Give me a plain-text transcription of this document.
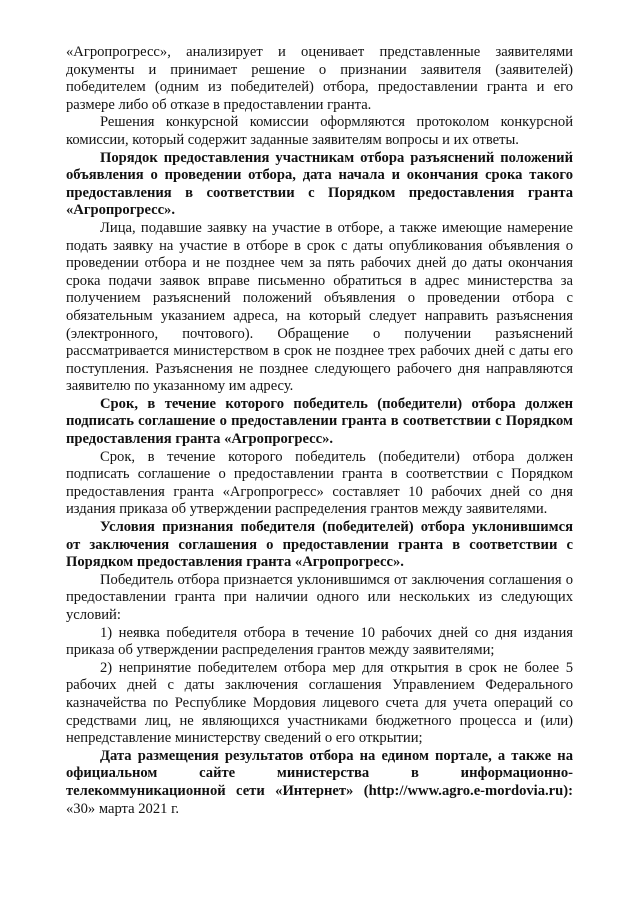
«Агропрогресс», анализирует и оценивает представленные заявителями документы и принимает решение о признании заявителя (заявителей) победителем (одним из победителей) отбора, предоставлении гранта и его размере либо об отказе в предоставлении гранта.

Решения конкурсной комиссии оформляются протоколом конкурсной комиссии, который содержит заданные заявителям вопросы и их ответы.

Порядок предоставления участникам отбора разъяснений положений объявления о проведении отбора, дата начала и окончания срока такого предоставления в соответствии с Порядком предоставления гранта «Агропрогресс».

Лица, подавшие заявку на участие в отборе, а также имеющие намерение подать заявку на участие в отборе в срок с даты опубликования объявления о проведении отбора и не позднее чем за пять рабочих дней до даты окончания срока подачи заявок вправе письменно обратиться в адрес министерства за получением разъяснений положений объявления о проведении отбора с обязательным указанием адреса, на который следует направить разъяснения (электронного, почтового). Обращение о получении разъяснений рассматривается министерством в срок не позднее трех рабочих дней с даты его поступления. Разъяснения не позднее следующего рабочего дня направляются заявителю по указанному им адресу.

Срок, в течение которого победитель (победители) отбора должен подписать соглашение о предоставлении гранта в соответствии с Порядком предоставления гранта «Агропрогресс».

Срок, в течение которого победитель (победители) отбора должен подписать соглашение о предоставлении гранта в соответствии с Порядком предоставления гранта «Агропрогресс» составляет 10 рабочих дней со дня издания приказа об утверждении распределения грантов между заявителями.

Условия признания победителя (победителей) отбора уклонившимся от заключения соглашения о предоставлении гранта в соответствии с Порядком предоставления гранта «Агропрогресс».

Победитель отбора признается уклонившимся от заключения соглашения о предоставлении гранта при наличии одного или нескольких из следующих условий:

1) неявка победителя отбора в течение 10 рабочих дней со дня издания приказа об утверждении распределения грантов между заявителями;

2) непринятие победителем отбора мер для открытия в срок не более 5 рабочих дней с даты заключения соглашения Управлением Федерального казначейства по Республике Мордовия лицевого счета для учета операций со средствами лиц, не являющихся участниками бюджетного процесса и (или) непредставление министерству сведений о его открытии;

Дата размещения результатов отбора на едином портале, а также на официальном сайте министерства в информационно-телекоммуникационной сети «Интернет» (http://www.agro.e-mordovia.ru): «30» марта 2021 г.
